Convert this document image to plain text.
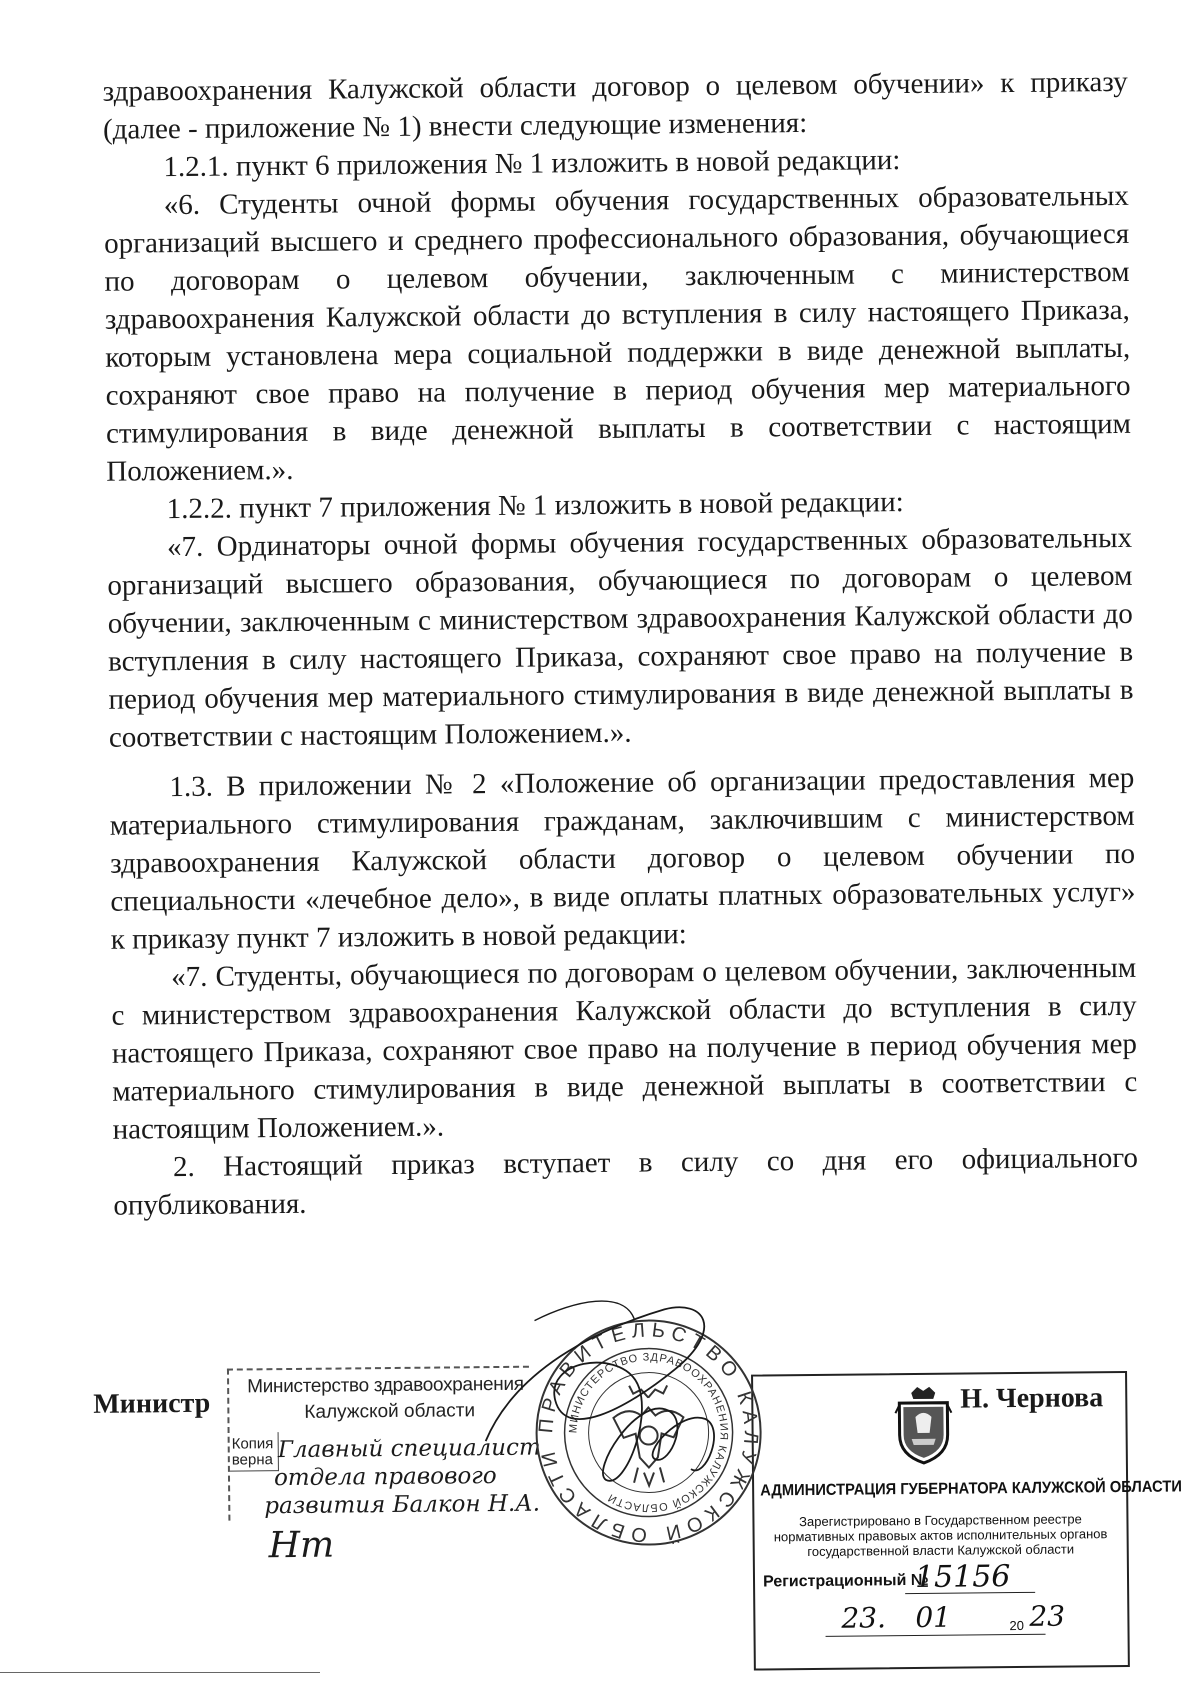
здравоохранения Калужской области договор о целевом обучении» к приказу (далее - приложение № 1) внести следующие изменения:

1.2.1. пункт 6 приложения № 1 изложить в новой редакции:

«6. Студенты очной формы обучения государственных образовательных организаций высшего и среднего профессионального образования, обучающиеся по договорам о целевом обучении, заключенным с министерством здравоохранения Калужской области до вступления в силу настоящего Приказа, которым установлена мера социальной поддержки в виде денежной выплаты, сохраняют свое право на получение в период обучения мер материального стимулирования в виде денежной выплаты в соответствии с настоящим Положением.».

1.2.2. пункт 7 приложения № 1 изложить в новой редакции:

«7. Ординаторы очной формы обучения государственных образовательных организаций высшего образования, обучающиеся по договорам о целевом обучении, заключенным с министерством здравоохранения Калужской области до вступления в силу настоящего Приказа, сохраняют свое право на получение в период обучения мер материального стимулирования в виде денежной выплаты в соответствии с настоящим Положением.».

1.3. В приложении № 2 «Положение об организации предоставления мер материального стимулирования гражданам, заключившим с министерством здравоохранения Калужской области договор о целевом обучении по специальности «лечебное дело», в виде оплаты платных образовательных услуг» к приказу пункт 7 изложить в новой редакции:

«7. Студенты, обучающиеся по договорам о целевом обучении, заключенным с министерством здравоохранения Калужской области до вступления в силу настоящего Приказа, сохраняют свое право на получение в период обучения мер материального стимулирования в виде денежной выплаты в соответствии с настоящим Положением.».

2. Настоящий приказ вступает в силу со дня его официального опубликования.

Министр
Министерство здравоохранения
Калужской области
Копия верна Главный специалист
отдела правового
развития Балкон Н.А.
Нт
АДМИНИСТРАЦИЯ ГУБЕРНАТОРА КАЛУЖСКОЙ ОБЛАСТИ
Зарегистрировано в Государственном реестре нормативных правовых актов исполнительных органов государственной власти Калужской области
Регистрационный №
15156
23. 01	20 23
ПРАВИТЕЛЬСТВО КАЛУЖСКОЙ ОБЛАСТИ
МИНИСТЕРСТВО ЗДРАВООХРАНЕНИЯ КАЛУЖСКОЙ ОБЛАСТИ
Н. Чернова
